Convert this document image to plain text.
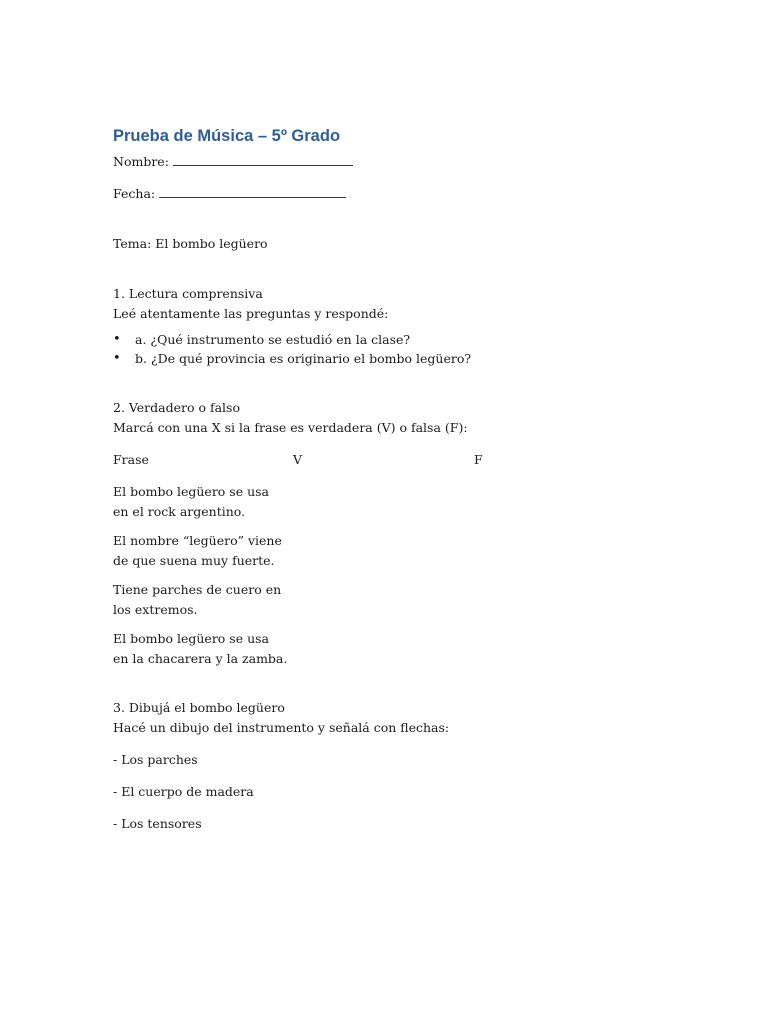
Prueba de Música – 5º Grado

Nombre:

Fecha:

Tema: El bombo legüero

1. Lectura comprensiva

Leé atentamente las preguntas y respondé:

• a. ¿Qué instrumento se estudió en la clase?
• b. ¿De qué provincia es originario el bombo legüero?

2. Verdadero o falso

Marcá con una X si la frase es verdadera (V) o falsa (F):

Frase	V	F
El bombo legüero se usa en el rock argentino.
El nombre “legüero” viene de que suena muy fuerte.
Tiene parches de cuero en los extremos.
El bombo legüero se usa en la chacarera y la zamba.

3. Dibujá el bombo legüero

Hacé un dibujo del instrumento y señalá con flechas:

- Los parches

- El cuerpo de madera

- Los tensores
